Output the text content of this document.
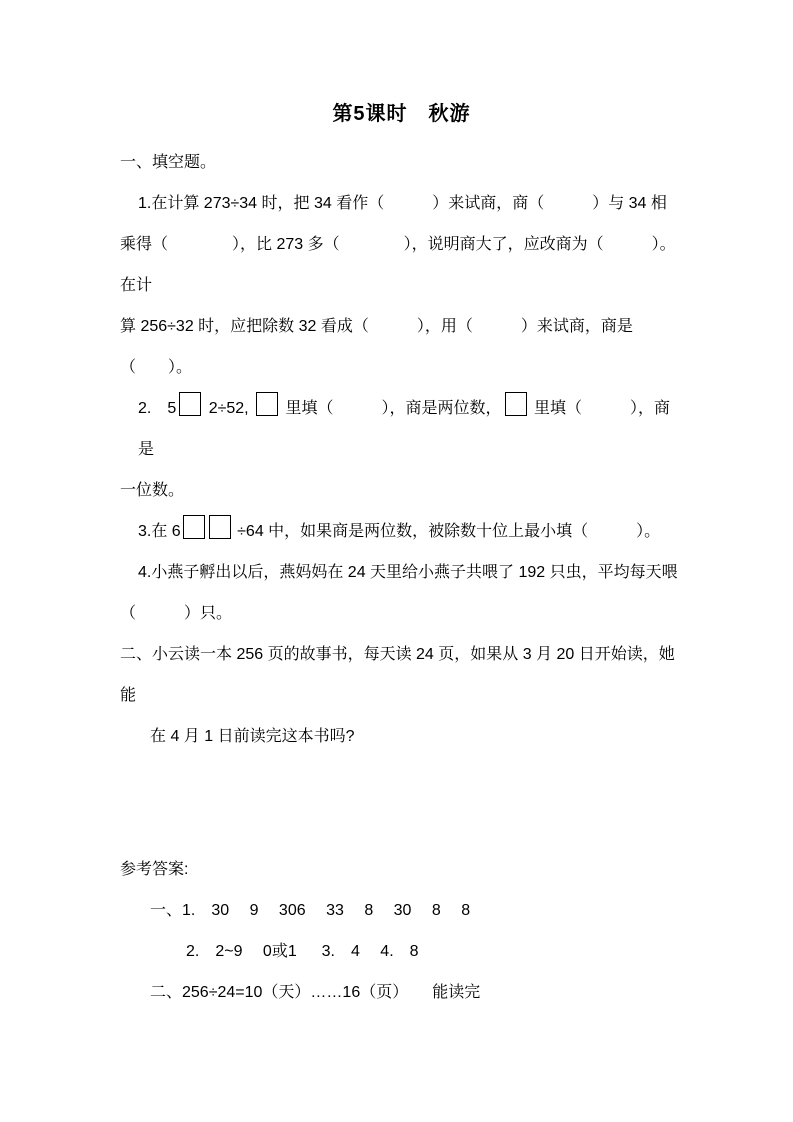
第5课时　秋游
一、填空题。
1.在计算 273÷34 时，把 34 看作（　　　）来试商，商（　　　）与 34 相
乘得（　　　　），比 273 多（　　　　），说明商大了，应改商为（　　　）。在计
算 256÷32 时，应把除数 32 看成（　　　），用（　　　）来试商，商是（　　）。
2.　5 2÷52,  里填（　　　），商是两位数， 里填（　　　），商是
一位数。
3.在 6	÷64 中，如果商是两位数，被除数十位上最小填（　　　）。
4.小燕子孵出以后，燕妈妈在 24 天里给小燕子共喂了 192 只虫，平均每天喂
（　　　）只。
二、小云读一本 256 页的故事书，每天读 24 页，如果从 3 月 20 日开始读，她
能
在 4 月 1 日前读完这本书吗?
参考答案:
一、1.　30　 9　 306　 33　 8　 30　 8　 8
2.　2~9　 0或1 　 3.　4　 4.　8
二、256÷24=10（天）……16（页）　　能读完
